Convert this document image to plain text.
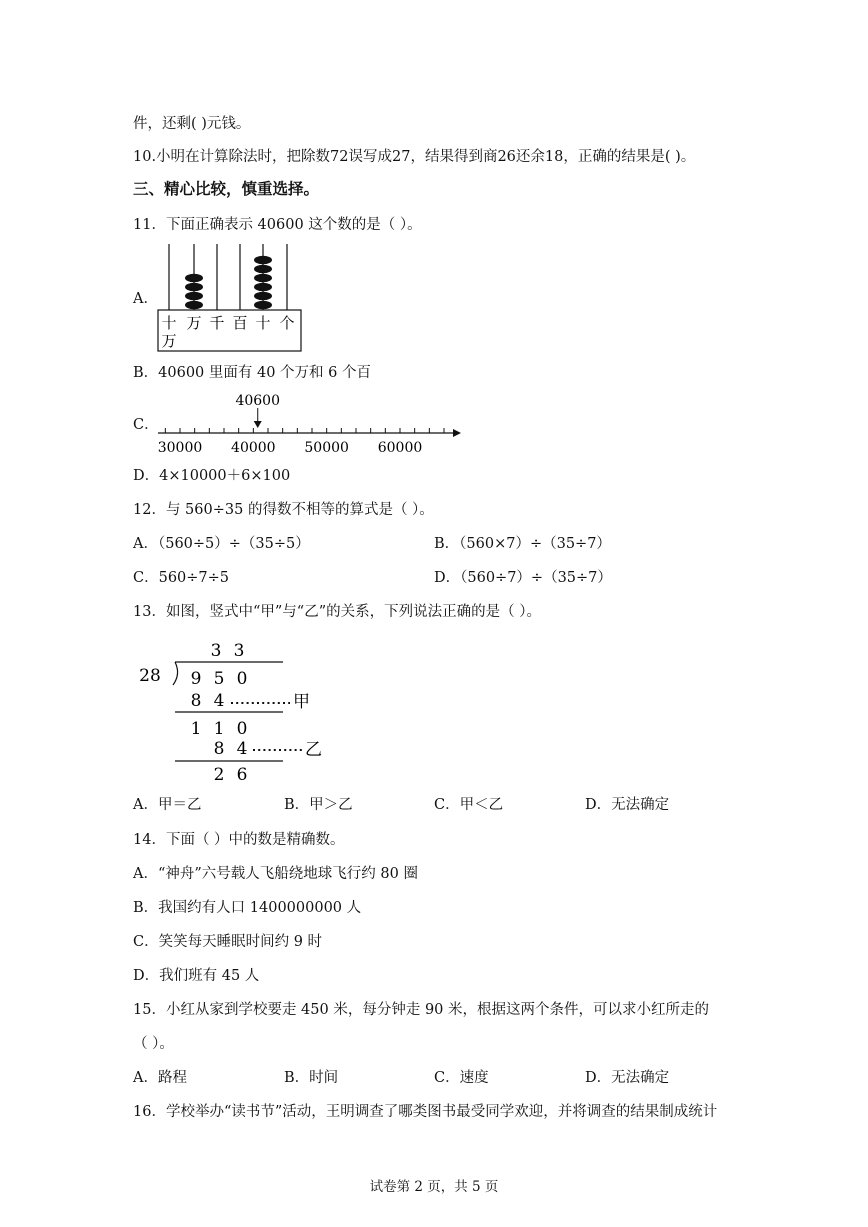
件，还剩( )元钱。
10.小明在计算除法时，把除数72误写成27，结果得到商26还余18，正确的结果是( )。
三、精心比较，慎重选择。
11．下面正确表示 40600 这个数的是（ ）。
A．
十
万
万 千 百 十 个
B．40600 里面有 40 个万和 6 个百
C．
40600
30000 40000 50000 60000
D．4×10000＋6×100
12．与 560÷35 的得数不相等的算式是（ ）。
A．（560÷5）÷（35÷5）	B．（560×7）÷（35÷7）
C．560÷7÷5	D．（560÷7）÷（35÷7）
13．如图，竖式中“甲”与“乙”的关系，下列说法正确的是（ ）。
3 3
28 9 5 0
8 4	甲
1 1 0
8 4	乙
2 6
A．甲＝乙	B．甲＞乙	C．甲＜乙	D．无法确定
14．下面（ ）中的数是精确数。
A．“神舟”六号载人飞船绕地球飞行约 80 圈
B．我国约有人口 1400000000 人
C．笑笑每天睡眠时间约 9 时
D．我们班有 45 人
15．小红从家到学校要走 450 米，每分钟走 90 米，根据这两个条件，可以求小红所走的
（ ）。
A．路程	B．时间	C．速度	D．无法确定
16．学校举办“读书节”活动，王明调查了哪类图书最受同学欢迎，并将调查的结果制成统计
试卷第 2 页，共 5 页
